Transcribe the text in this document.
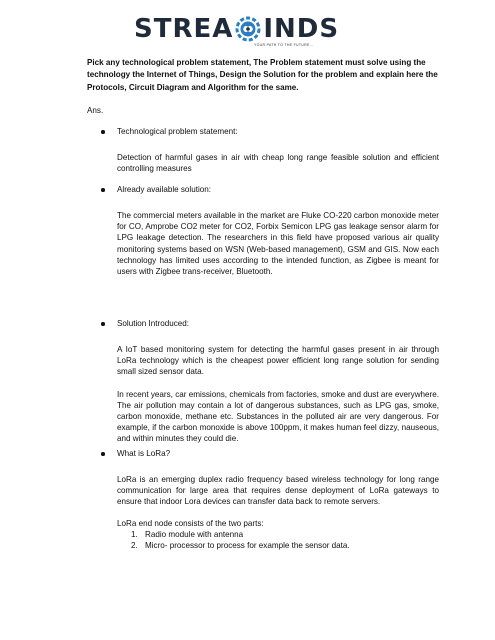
STREA INDS
YOUR PATH TO THE FUTURE...

Pick any technological problem statement, The Problem statement must solve using the technology the Internet of Things, Design the Solution for the problem and explain here the Protocols, Circuit Diagram and Algorithm for the same.

Ans.

Technological problem statement:

Detection of harmful gases in air with cheap long range feasible solution and efficient controlling measures

Already available solution:

The commercial meters available in the market are Fluke CO-220 carbon monoxide meter for CO, Amprobe CO2 meter for CO2, Forbix Semicon LPG gas leakage sensor alarm for LPG leakage detection. The researchers in this field have proposed various air quality monitoring systems based on WSN (Web-based management), GSM and GIS. Now each technology has limited uses according to the intended function, as Zigbee is meant for users with Zigbee trans-receiver, Bluetooth.

Solution Introduced:

A IoT based monitoring system for detecting the harmful gases present in air through LoRa technology which is the cheapest power efficient long range solution for sending small sized sensor data.

In recent years, car emissions, chemicals from factories, smoke and dust are everywhere. The air pollution may contain a lot of dangerous substances, such as LPG gas, smoke, carbon monoxide, methane etc. Substances in the polluted air are very dangerous. For example, if the carbon monoxide is above 100ppm, it makes human feel dizzy, nauseous, and within minutes they could die.

What is LoRa?

LoRa is an emerging duplex radio frequency based wireless technology for long range communication for large area that requires dense deployment of LoRa gateways to ensure that indoor Lora devices can transfer data back to remote servers.

LoRa end node consists of the two parts:

1. Radio module with antenna
2. Micro- processor to process for example the sensor data.
